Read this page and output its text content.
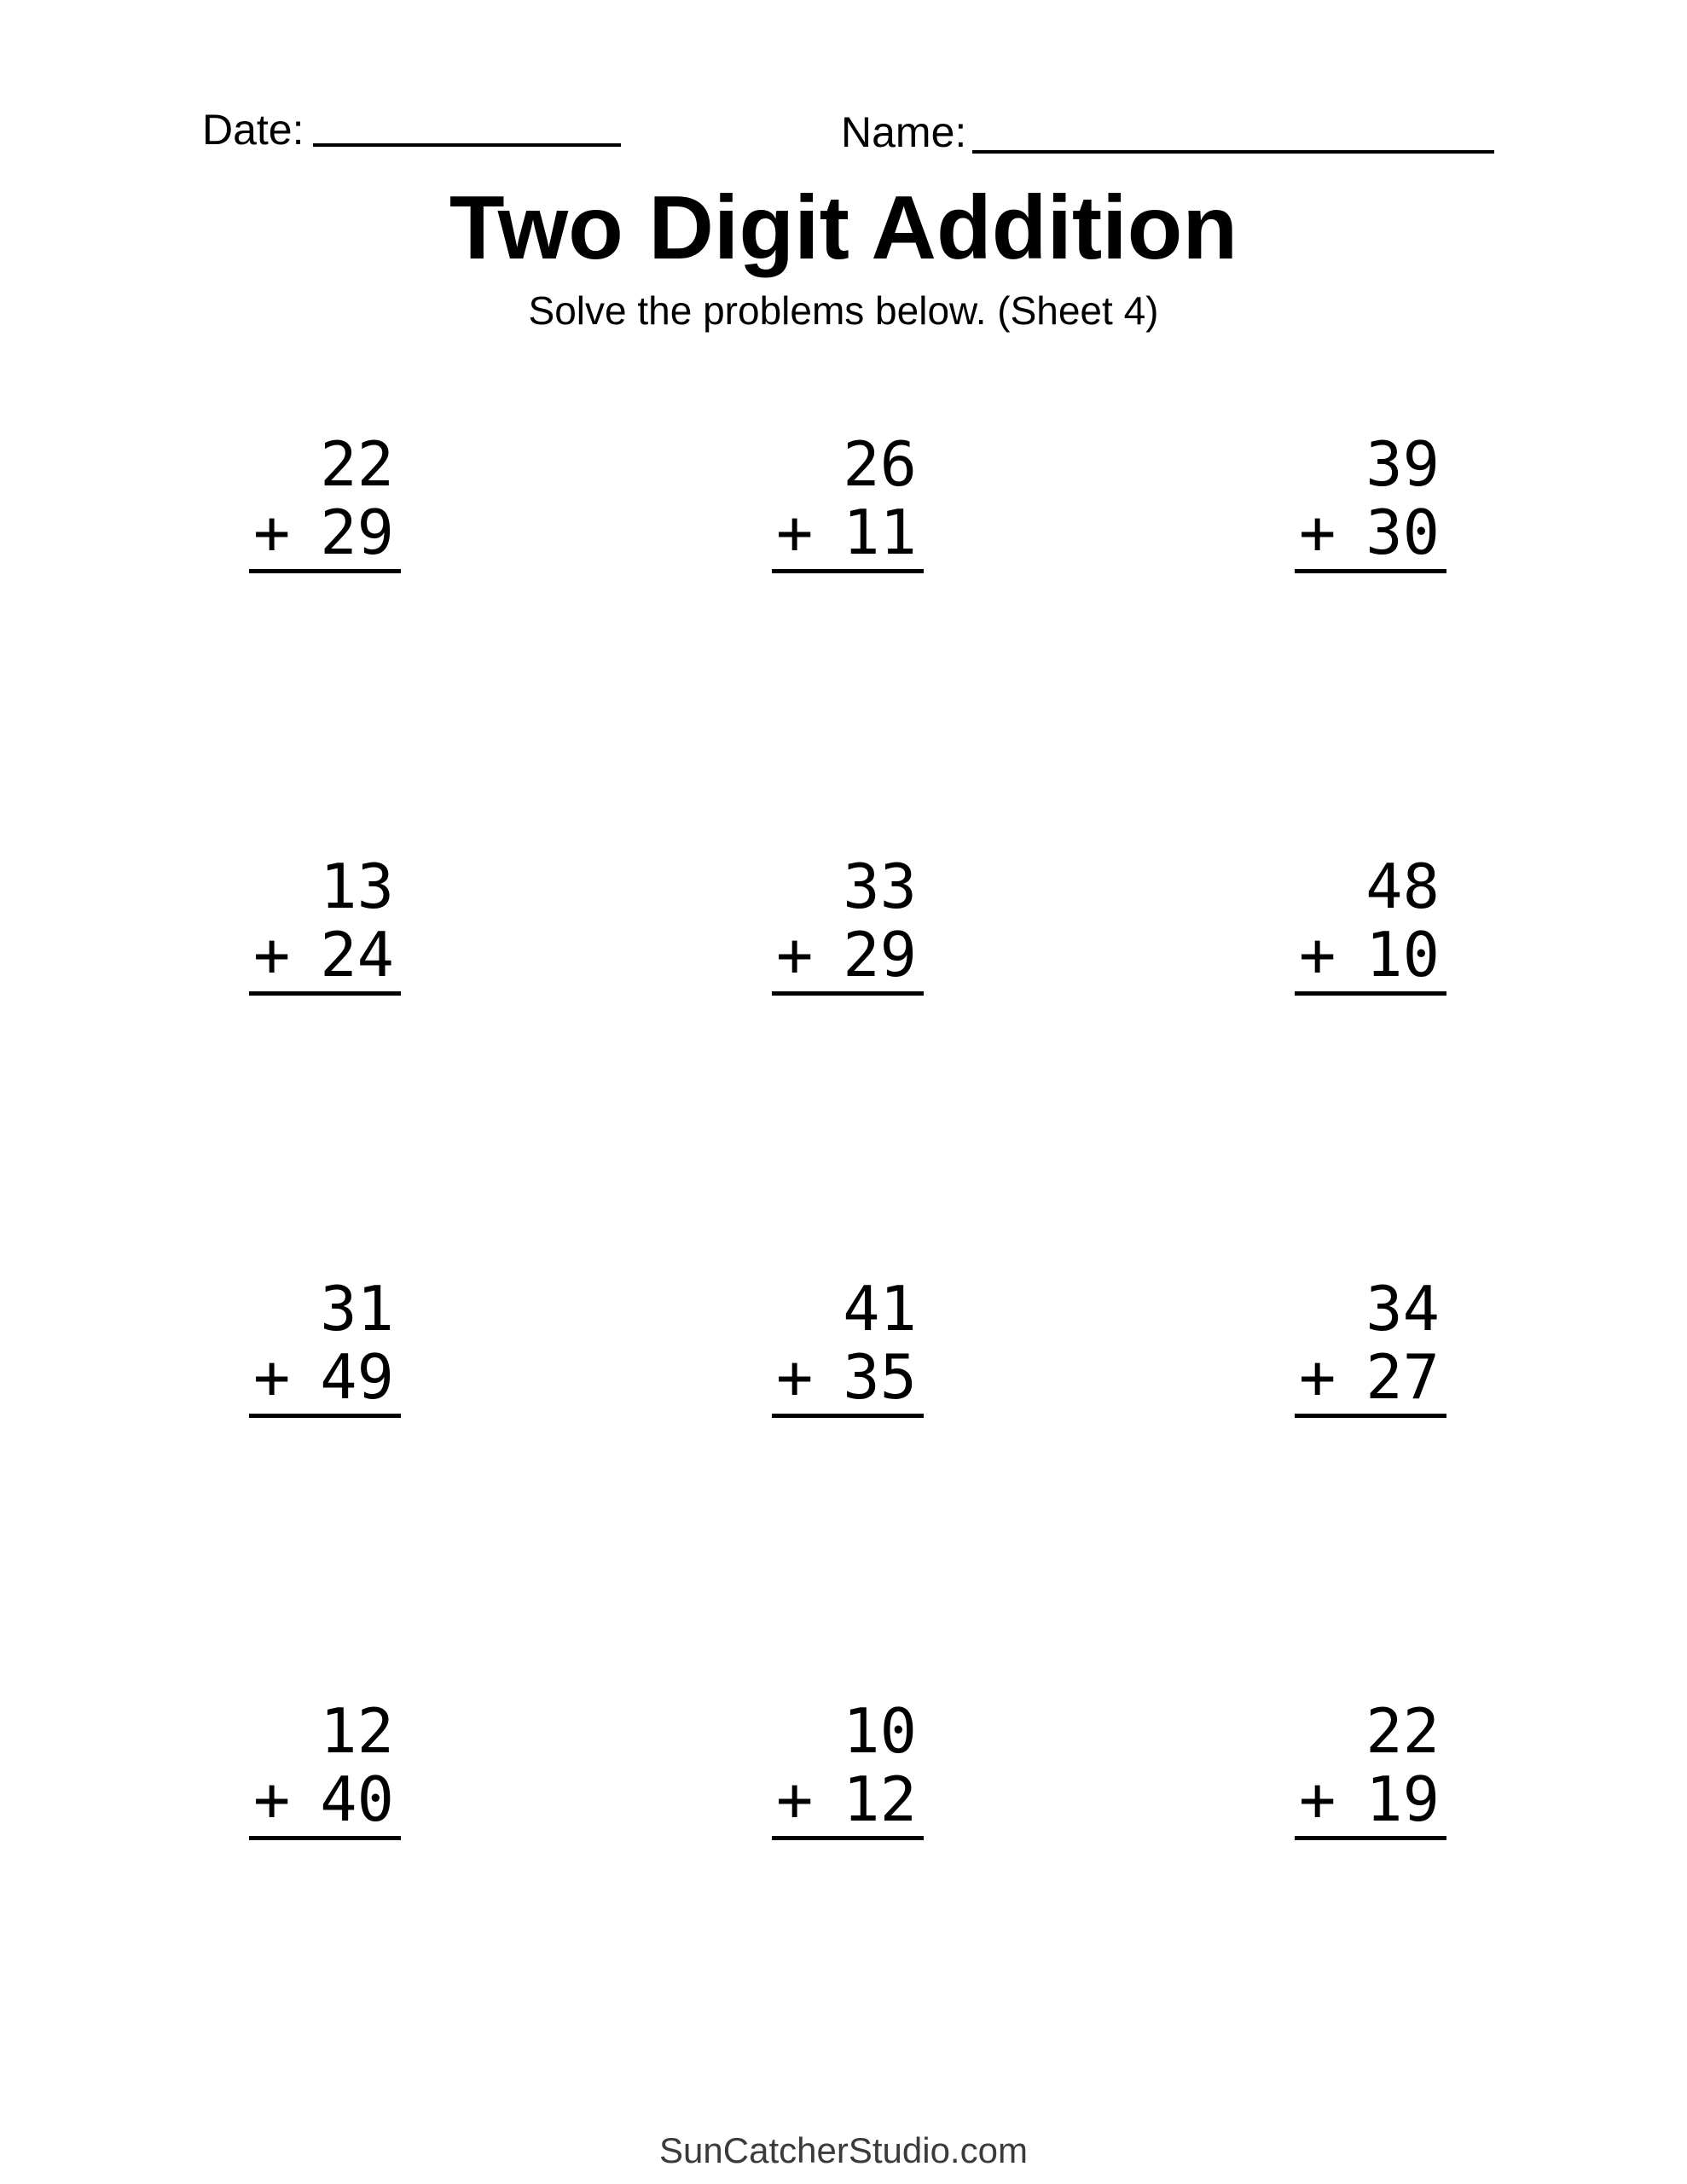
Date:	Name:
Two Digit Addition
Solve the problems below. (Sheet 4)
22
+ 29
26
+ 11
39
+ 30
13
+ 24
33
+ 29
48
+ 10
31
+ 49
41
+ 35
34
+ 27
12
+ 40
10
+ 12
22
+ 19
SunCatcherStudio.com
